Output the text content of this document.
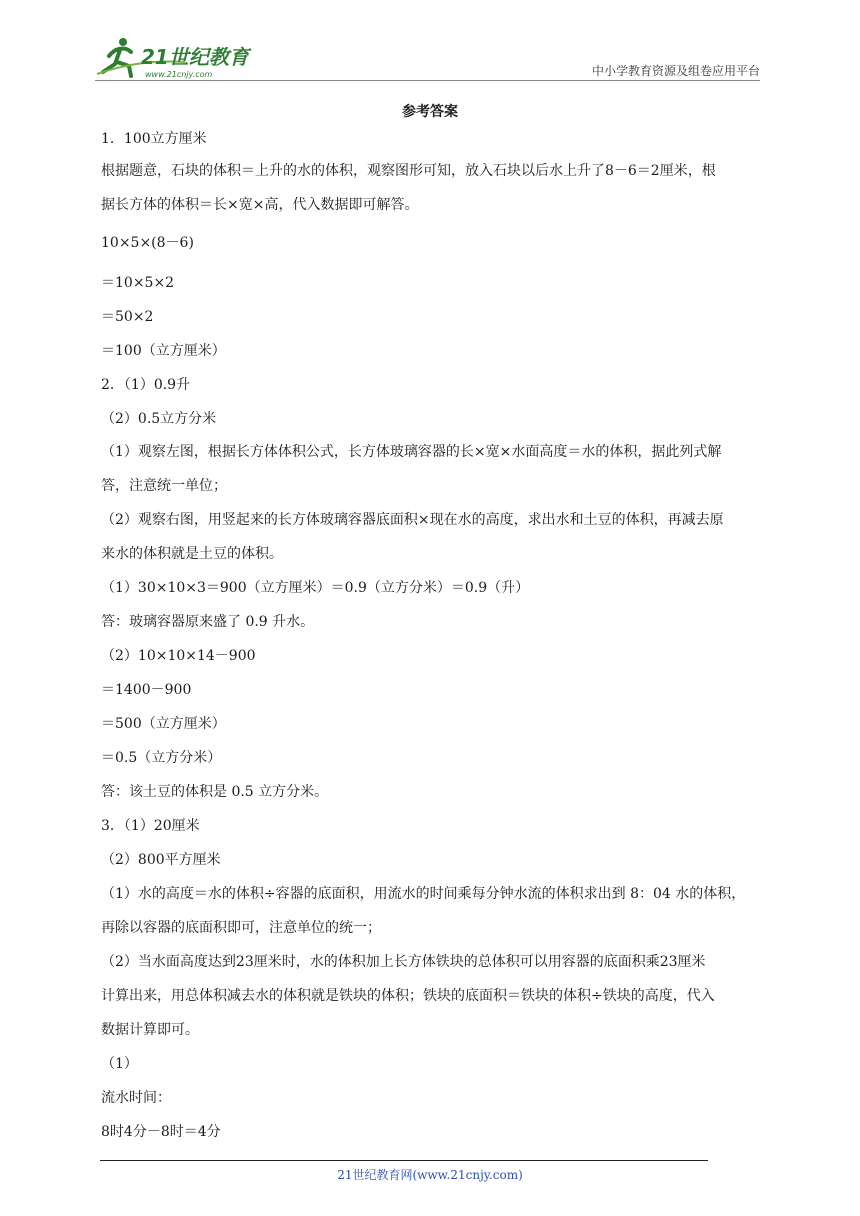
21世纪教育
www.21cnjy.com	中小学教育资源及组卷应用平台
参考答案
1．100立方厘米
根据题意，石块的体积＝上升的水的体积，观察图形可知，放入石块以后水上升了8－6＝2厘米，根
据长方体的体积＝长×宽×高，代入数据即可解答。
10×5×(8－6)
＝10×5×2
＝50×2
＝100（立方厘米）
2．（1）0.9升
（2）0.5立方分米
（1）观察左图，根据长方体体积公式，长方体玻璃容器的长×宽×水面高度＝水的体积，据此列式解
答，注意统一单位；
（2）观察右图，用竖起来的长方体玻璃容器底面积×现在水的高度，求出水和土豆的体积，再减去原
来水的体积就是土豆的体积。
（1）30×10×3＝900（立方厘米）＝0.9（立方分米）＝0.9（升）
答：玻璃容器原来盛了 0.9 升水。
（2）10×10×14－900
＝1400－900
＝500（立方厘米）
＝0.5（立方分米）
答：该土豆的体积是 0.5 立方分米。
3．（1）20厘米
（2）800平方厘米
（1）水的高度＝水的体积÷容器的底面积，用流水的时间乘每分钟水流的体积求出到 8：04 水的体积，
再除以容器的底面积即可，注意单位的统一；
（2）当水面高度达到23厘米时，水的体积加上长方体铁块的总体积可以用容器的底面积乘23厘米
计算出来，用总体积减去水的体积就是铁块的体积；铁块的底面积＝铁块的体积÷铁块的高度，代入
数据计算即可。
（1）
流水时间：
8时4分－8时＝4分
21世纪教育网(www.21cnjy.com)
